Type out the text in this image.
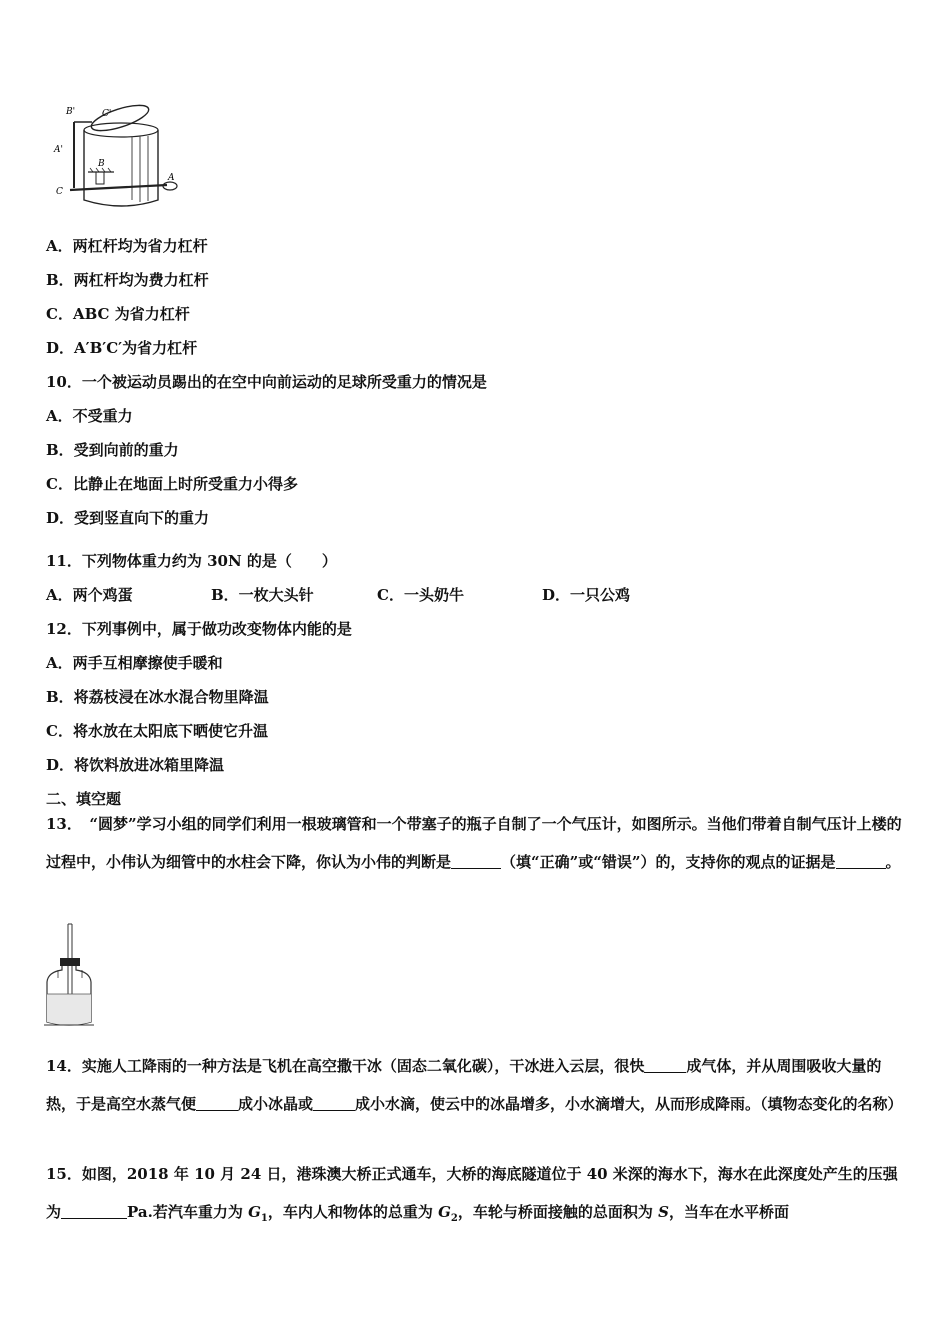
B'	C'
A'
B
C
A
A．两杠杆均为省力杠杆
B．两杠杆均为费力杠杆
C．ABC 为省力杠杆
D．A′B′C′为省力杠杆
10．一个被运动员踢出的在空中向前运动的足球所受重力的情况是
A．不受重力
B．受到向前的重力
C．比静止在地面上时所受重力小得多
D．受到竖直向下的重力
11．下列物体重力约为 30N 的是（　　）
A．两个鸡蛋	B．一枚大头针	C．一头奶牛	D．一只公鸡
12．下列事例中，属于做功改变物体内能的是
A．两手互相摩擦使手暖和
B．将荔枝浸在冰水混合物里降温
C．将水放在太阳底下晒使它升温
D．将饮料放进冰箱里降温
二、填空题
13．　“圆梦”学习小组的同学们利用一根玻璃管和一个带塞子的瓶子自制了一个气压计，如图所示。当他们带着自制气压计上楼的过程中，小伟认为细管中的水柱会下降，你认为小伟的判断是	（填“正确”或“错误”）的，支持你的观点的证据是	。
14．实施人工降雨的一种方法是飞机在高空撒干冰（固态二氧化碳），干冰进入云层，很快	成气体，并从周围吸收大量的热，于是高空水蒸气便	成小冰晶或	成小水滴，使云中的冰晶增多，小水滴增大，从而形成降雨。（填物态变化的名称）
15．如图，2018 年 10 月 24 日，港珠澳大桥正式通车，大桥的海底隧道位于 40 米深的海水下，海水在此深度处产生的压强为	Pa.若汽车重力为 $G_1$，车内人和物体的总重为 $G_2$，车轮与桥面接触的总面积为 S，当车在水平桥面
